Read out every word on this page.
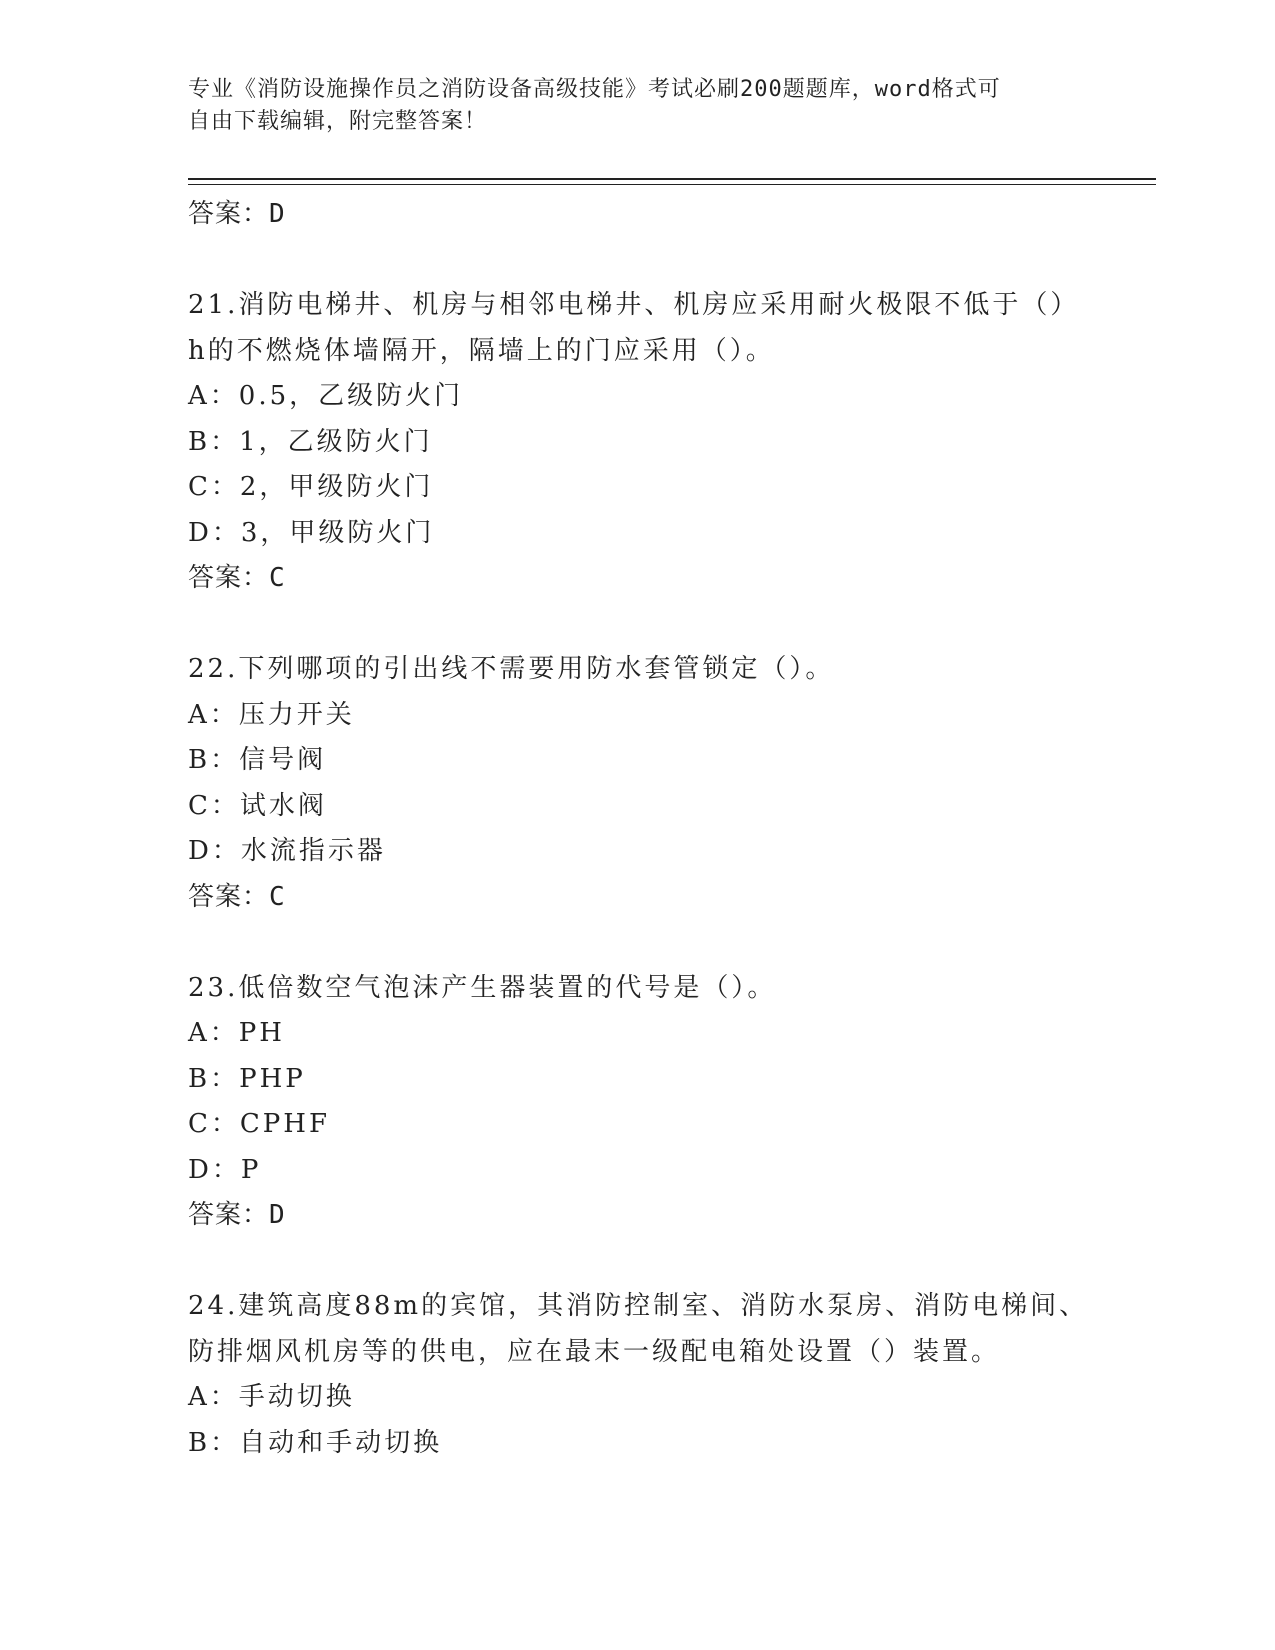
专业《消防设施操作员之消防设备高级技能》考试必刷200题题库，word格式可
自由下载编辑，附完整答案！
答案：D
21.消防电梯井、机房与相邻电梯井、机房应采用耐火极限不低于（）
h的不燃烧体墙隔开，隔墙上的门应采用（）。
A：0.5，乙级防火门
B：1，乙级防火门
C：2，甲级防火门
D：3，甲级防火门
答案：C
22.下列哪项的引出线不需要用防水套管锁定（）。
A：压力开关
B：信号阀
C：试水阀
D：水流指示器
答案：C
23.低倍数空气泡沫产生器装置的代号是（）。
A：PH
B：PHP
C：CPHF
D：P
答案：D
24.建筑高度88m的宾馆，其消防控制室、消防水泵房、消防电梯间、
防排烟风机房等的供电，应在最末一级配电箱处设置（）装置。
A：手动切换
B：自动和手动切换
